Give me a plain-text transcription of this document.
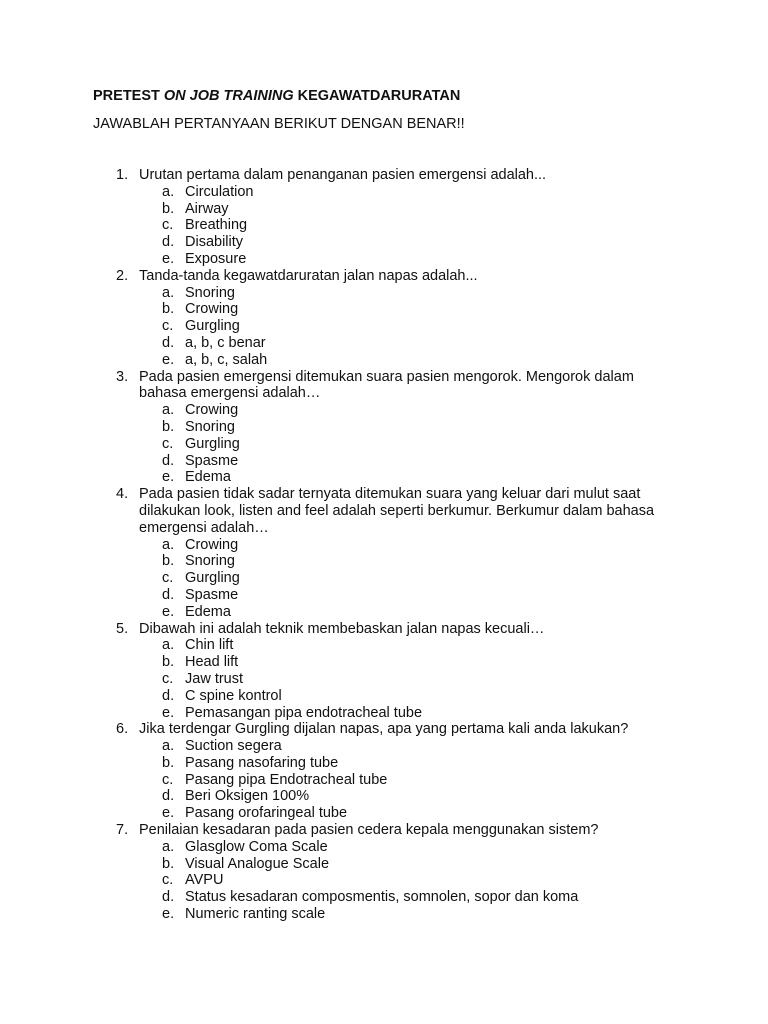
PRETEST ON JOB TRAINING KEGAWATDARURATAN
JAWABLAH PERTANYAAN BERIKUT DENGAN BENAR!!
1. Urutan pertama dalam penanganan pasien emergensi adalah...
a. Circulation
b. Airway
c. Breathing
d. Disability
e. Exposure
2. Tanda-tanda kegawatdaruratan jalan napas adalah...
a. Snoring
b. Crowing
c. Gurgling
d. a, b, c benar
e. a, b, c, salah
3. Pada pasien emergensi ditemukan suara pasien mengorok. Mengorok dalam bahasa emergensi adalah…
a. Crowing
b. Snoring
c. Gurgling
d. Spasme
e. Edema
4. Pada pasien tidak sadar ternyata ditemukan suara yang keluar dari mulut saat dilakukan look, listen and feel adalah seperti berkumur. Berkumur dalam bahasa emergensi adalah…
a. Crowing
b. Snoring
c. Gurgling
d. Spasme
e. Edema
5. Dibawah ini adalah teknik membebaskan jalan napas kecuali…
a. Chin lift
b. Head lift
c. Jaw trust
d. C spine kontrol
e. Pemasangan pipa endotracheal tube
6. Jika terdengar Gurgling dijalan napas, apa yang pertama kali anda lakukan?
a. Suction segera
b. Pasang nasofaring tube
c. Pasang pipa Endotracheal tube
d. Beri Oksigen 100%
e. Pasang orofaringeal tube
7. Penilaian kesadaran pada pasien cedera kepala menggunakan sistem?
a. Glasglow Coma Scale
b. Visual Analogue Scale
c. AVPU
d. Status kesadaran composmentis, somnolen, sopor dan koma
e. Numeric ranting scale
